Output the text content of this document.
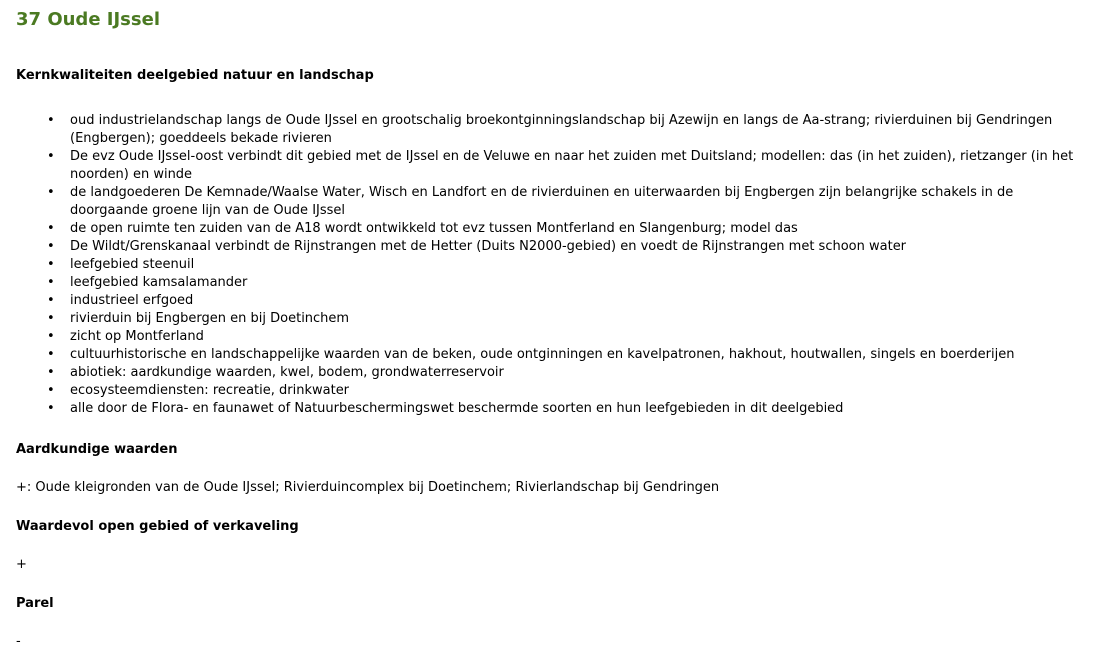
37 Oude IJssel
Kernkwaliteiten deelgebied natuur en landschap
• oud industrielandschap langs de Oude IJssel en grootschalig broekontginningslandschap bij Azewijn en langs de Aa-strang; rivierduinen bij Gendringen (Engbergen); goeddeels bekade rivieren
• De evz Oude IJssel-oost verbindt dit gebied met de IJssel en de Veluwe en naar het zuiden met Duitsland; modellen: das (in het zuiden), rietzanger (in het noorden) en winde
• de landgoederen De Kemnade/Waalse Water, Wisch en Landfort en de rivierduinen en uiterwaarden bij Engbergen zijn belangrijke schakels in de doorgaande groene lijn van de Oude IJssel
• de open ruimte ten zuiden van de A18 wordt ontwikkeld tot evz tussen Montferland en Slangenburg; model das
• De Wildt/Grenskanaal verbindt de Rijnstrangen met de Hetter (Duits N2000-gebied) en voedt de Rijnstrangen met schoon water
• leefgebied steenuil
• leefgebied kamsalamander
• industrieel erfgoed
• rivierduin bij Engbergen en bij Doetinchem
• zicht op Montferland
• cultuurhistorische en landschappelijke waarden van de beken, oude ontginningen en kavelpatronen, hakhout, houtwallen, singels en boerderijen
• abiotiek: aardkundige waarden, kwel, bodem, grondwaterreservoir
• ecosysteemdiensten: recreatie, drinkwater
• alle door de Flora- en faunawet of Natuurbeschermingswet beschermde soorten en hun leefgebieden in dit deelgebied
Aardkundige waarden

+: Oude kleigronden van de Oude IJssel; Rivierduincomplex bij Doetinchem; Rivierlandschap bij Gendringen

Waardevol open gebied of verkaveling

+

Parel

-
